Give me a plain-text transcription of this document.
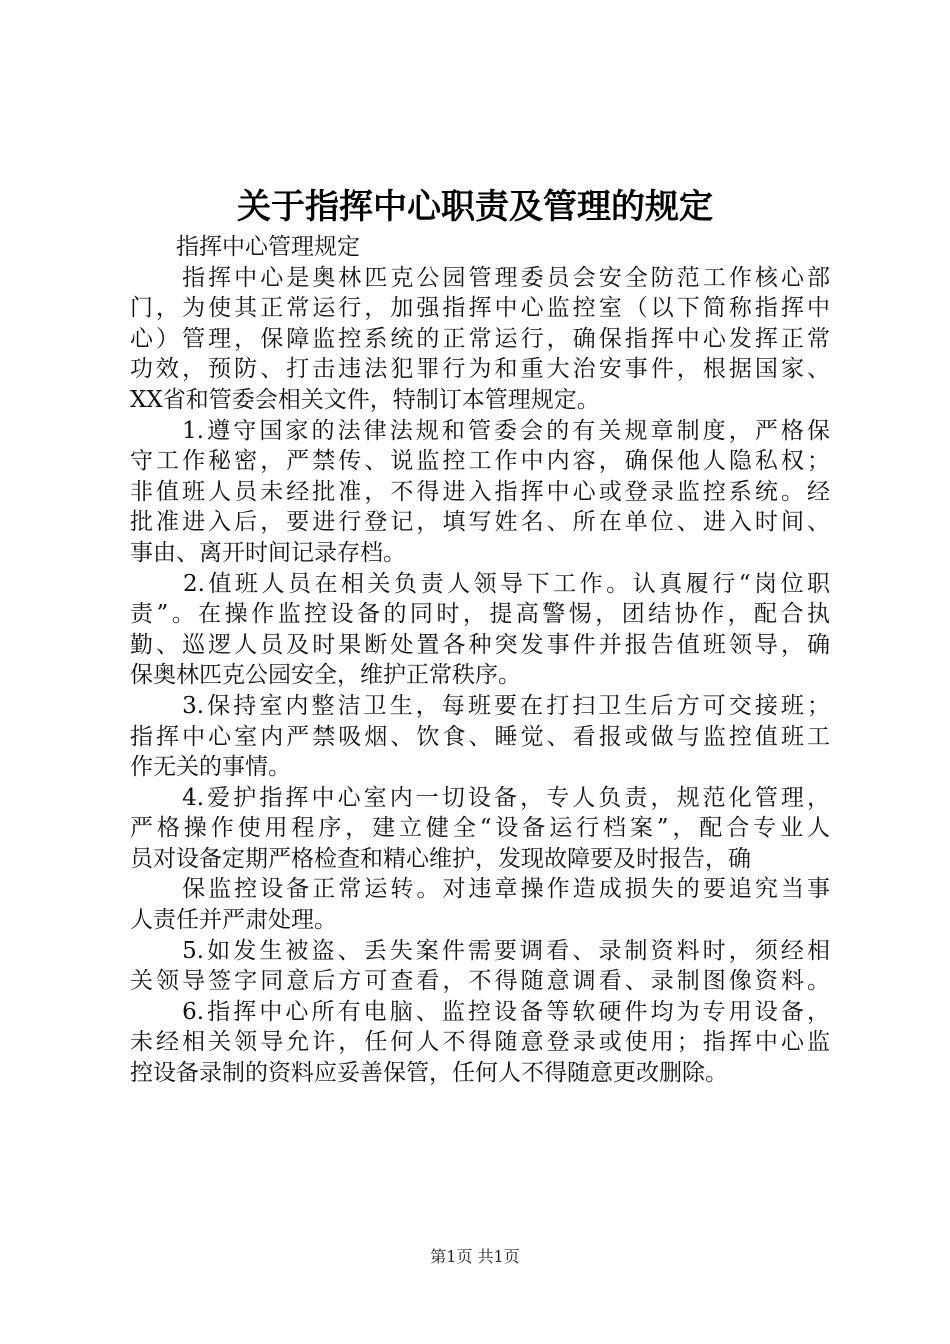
关于指挥中心职责及管理的规定
　　指挥中心管理规定
　　指挥中心是奥林匹克公园管理委员会安全防范工作核心部
门，为使其正常运行，加强指挥中心监控室（以下简称指挥中
心）管理，保障监控系统的正常运行，确保指挥中心发挥正常
功效，预防、打击违法犯罪行为和重大治安事件，根据国家、
XX省和管委会相关文件，特制订本管理规定。
　　1.遵守国家的法律法规和管委会的有关规章制度，严格保
守工作秘密，严禁传、说监控工作中内容，确保他人隐私权；
非值班人员未经批准，不得进入指挥中心或登录监控系统。经
批准进入后，要进行登记，填写姓名、所在单位、进入时间、
事由、离开时间记录存档。
　　2.值班人员在相关负责人领导下工作。认真履行“岗位职
责”。在操作监控设备的同时，提高警惕，团结协作，配合执
勤、巡逻人员及时果断处置各种突发事件并报告值班领导，确
保奥林匹克公园安全，维护正常秩序。
　　3.保持室内整洁卫生，每班要在打扫卫生后方可交接班；
指挥中心室内严禁吸烟、饮食、睡觉、看报或做与监控值班工
作无关的事情。
　　4.爱护指挥中心室内一切设备，专人负责，规范化管理，
严格操作使用程序，建立健全“设备运行档案”，配合专业人
员对设备定期严格检查和精心维护，发现故障要及时报告，确
　　保监控设备正常运转。对违章操作造成损失的要追究当事
人责任并严肃处理。
　　5.如发生被盗、丢失案件需要调看、录制资料时，须经相
关领导签字同意后方可查看，不得随意调看、录制图像资料。
　　6.指挥中心所有电脑、监控设备等软硬件均为专用设备，
未经相关领导允许，任何人不得随意登录或使用；指挥中心监
控设备录制的资料应妥善保管，任何人不得随意更改删除。
第1页 共1页
